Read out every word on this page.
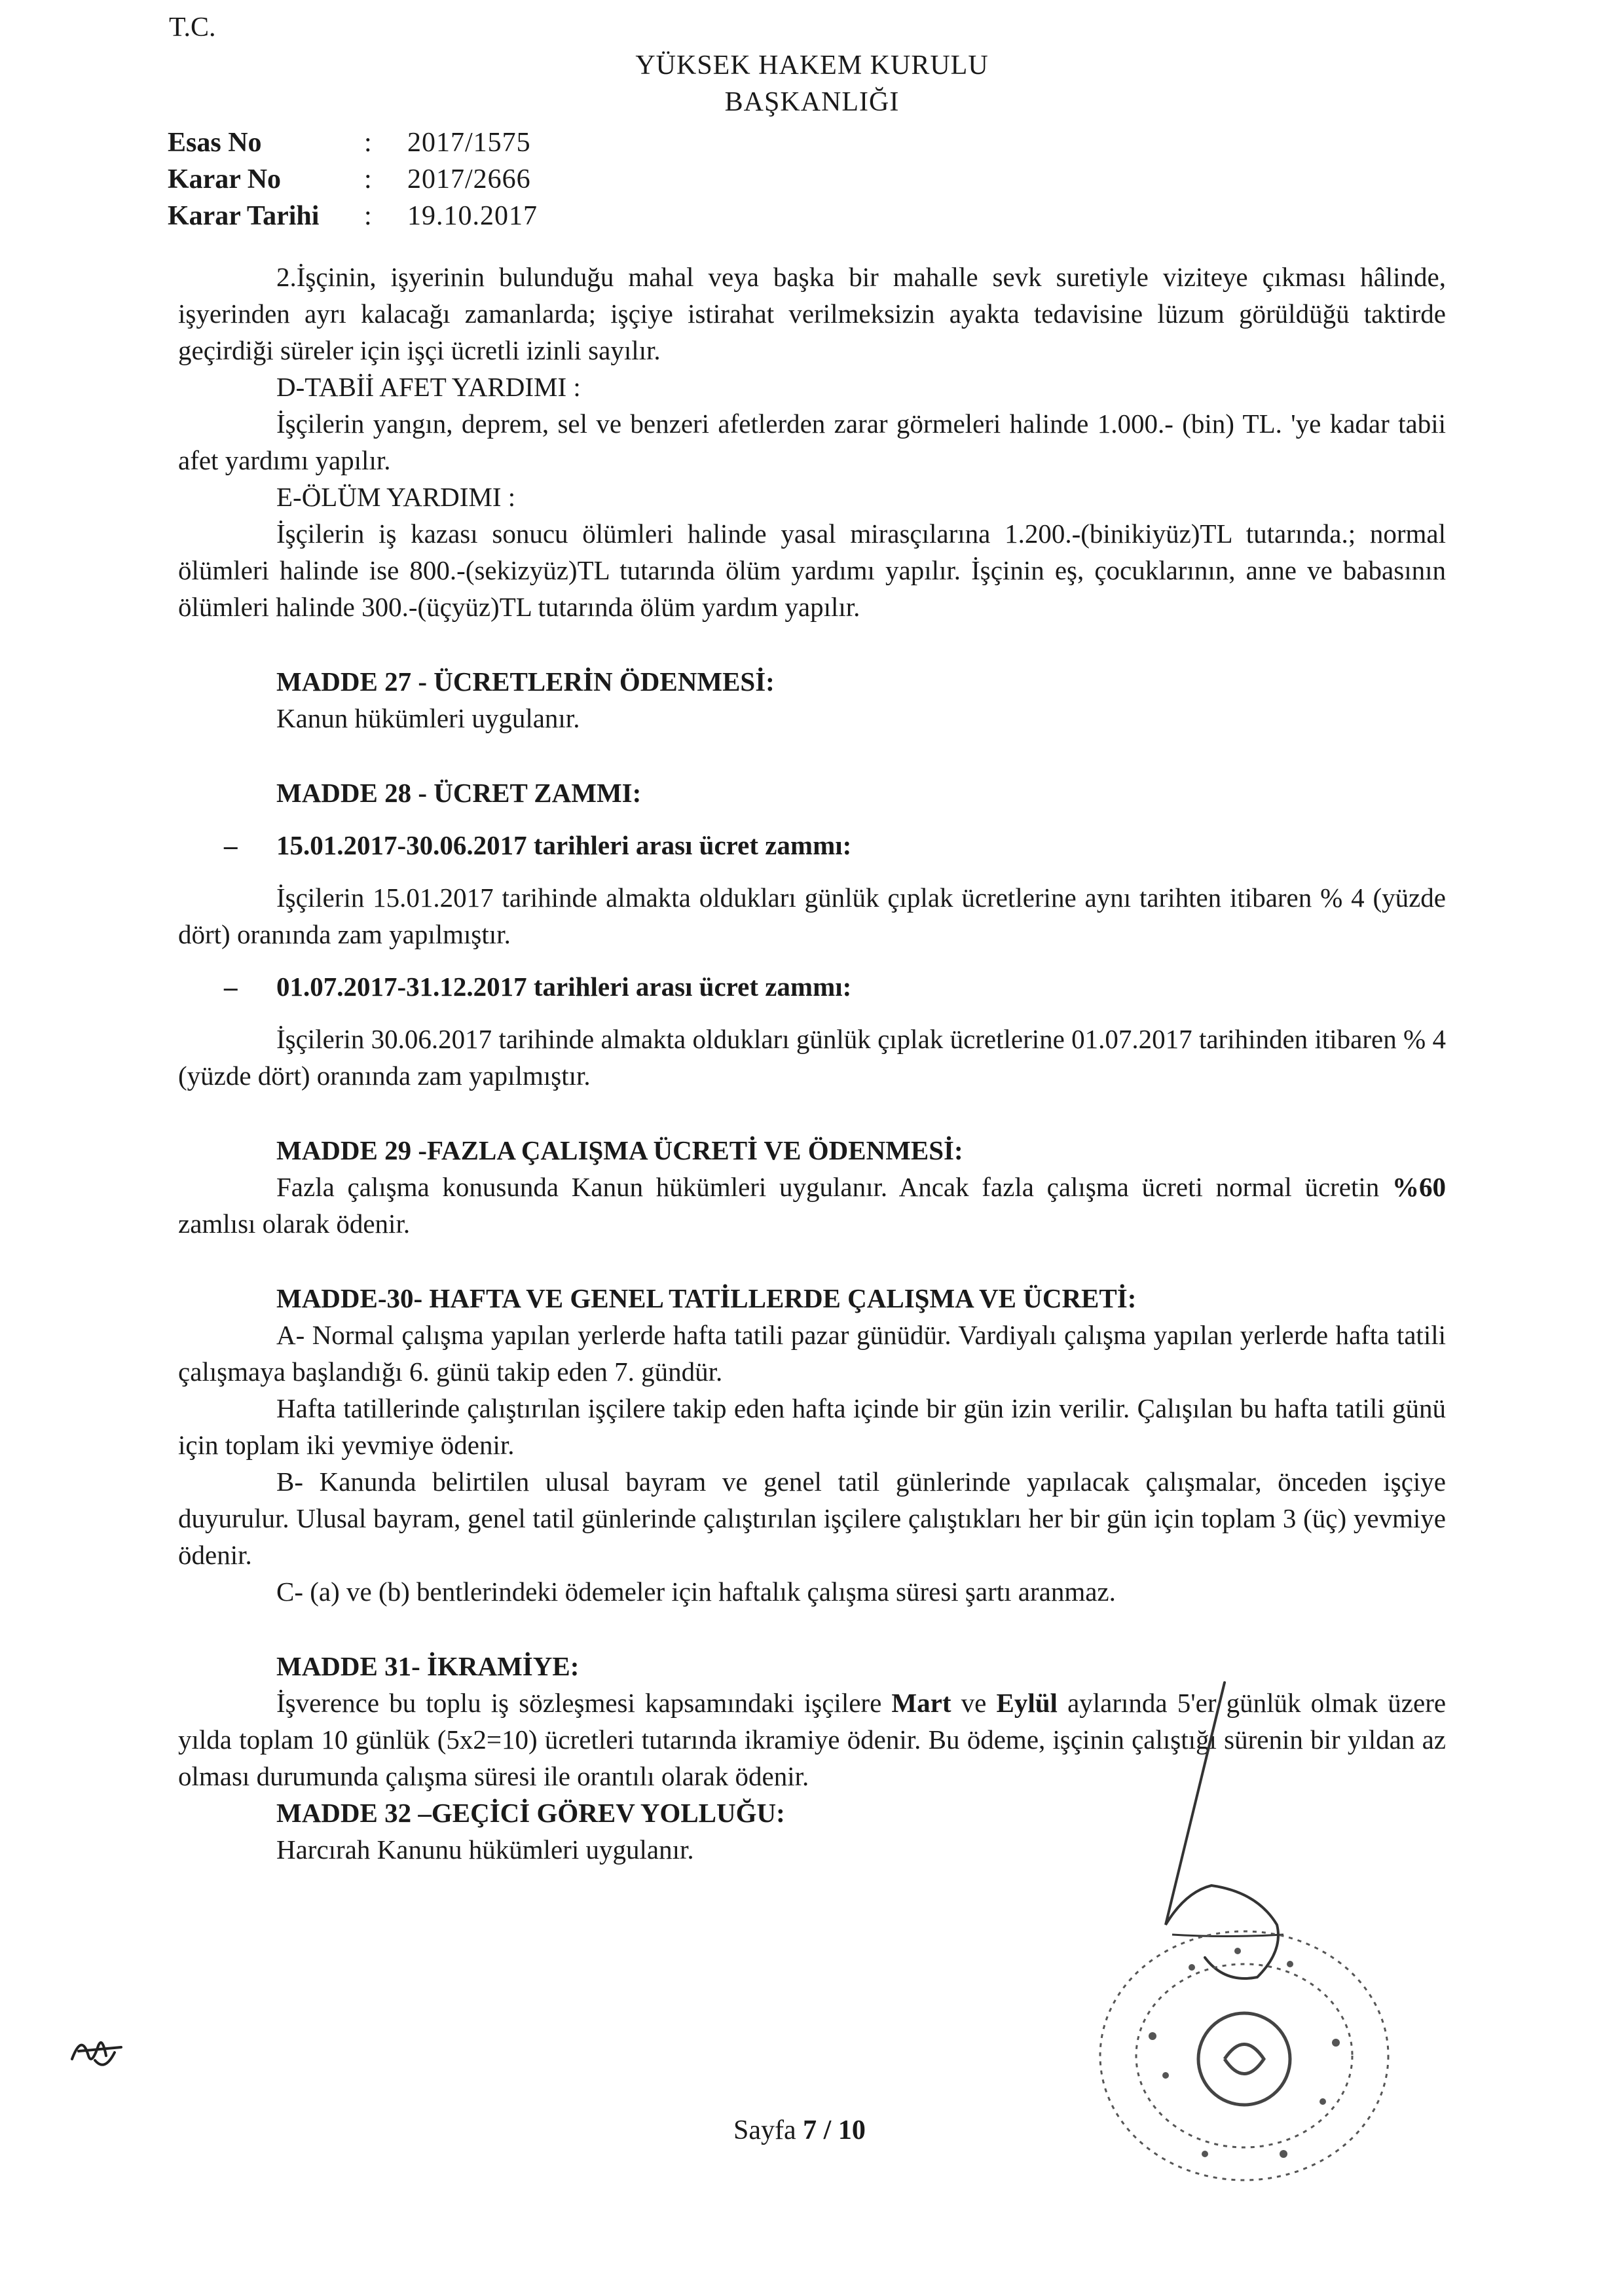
T.C.
YÜKSEK HAKEM KURULU
BAŞKANLIĞI
Esas No	:	2017/1575
Karar No	:	2017/2666
Karar Tarihi	:	19.10.2017

2.İşçinin, işyerinin bulunduğu mahal veya başka bir mahalle sevk suretiyle viziteye çıkması hâlinde, işyerinden ayrı kalacağı zamanlarda; işçiye istirahat verilmeksizin ayakta tedavisine lüzum görüldüğü taktirde geçirdiği süreler için işçi ücretli izinli sayılır.

D-TABİİ AFET YARDIMI :

İşçilerin yangın, deprem, sel ve benzeri afetlerden zarar görmeleri halinde 1.000.- (bin) TL. 'ye kadar tabii afet yardımı yapılır.

E-ÖLÜM YARDIMI :

İşçilerin iş kazası sonucu ölümleri halinde yasal mirasçılarına 1.200.-(binikiyüz)TL tutarında.; normal ölümleri halinde ise 800.-(sekizyüz)TL tutarında ölüm yardımı yapılır. İşçinin eş, çocuklarının, anne ve babasının ölümleri halinde 300.-(üçyüz)TL tutarında ölüm yardım yapılır.

MADDE 27 - ÜCRETLERİN ÖDENMESİ:

Kanun hükümleri uygulanır.

MADDE 28 - ÜCRET ZAMMI:

–	15.01.2017-30.06.2017 tarihleri arası ücret zammı:

İşçilerin 15.01.2017 tarihinde almakta oldukları günlük çıplak ücretlerine aynı tarihten itibaren % 4 (yüzde dört) oranında zam yapılmıştır.

–	01.07.2017-31.12.2017 tarihleri arası ücret zammı:

İşçilerin 30.06.2017 tarihinde almakta oldukları günlük çıplak ücretlerine 01.07.2017 tarihinden itibaren % 4 (yüzde dört) oranında zam yapılmıştır.

MADDE 29 -FAZLA ÇALIŞMA ÜCRETİ VE ÖDENMESİ:

Fazla çalışma konusunda Kanun hükümleri uygulanır. Ancak fazla çalışma ücreti normal ücretin %60 zamlısı olarak ödenir.

MADDE-30- HAFTA VE GENEL TATİLLERDE ÇALIŞMA VE ÜCRETİ:

A- Normal çalışma yapılan yerlerde hafta tatili pazar günüdür. Vardiyalı çalışma yapılan yerlerde hafta tatili çalışmaya başlandığı 6. günü takip eden 7. gündür.

Hafta tatillerinde çalıştırılan işçilere takip eden hafta içinde bir gün izin verilir. Çalışılan bu hafta tatili günü için toplam iki yevmiye ödenir.

B- Kanunda belirtilen ulusal bayram ve genel tatil günlerinde yapılacak çalışmalar, önceden işçiye duyurulur. Ulusal bayram, genel tatil günlerinde çalıştırılan işçilere çalıştıkları her bir gün için toplam 3 (üç) yevmiye ödenir.

C- (a) ve (b) bentlerindeki ödemeler için haftalık çalışma süresi şartı aranmaz.

MADDE 31- İKRAMİYE:

İşverence bu toplu iş sözleşmesi kapsamındaki işçilere Mart ve Eylül aylarında 5'er günlük olmak üzere yılda toplam 10 günlük (5x2=10) ücretleri tutarında ikramiye ödenir. Bu ödeme, işçinin çalıştığı sürenin bir yıldan az olması durumunda çalışma süresi ile orantılı olarak ödenir.

MADDE 32 –GEÇİCİ GÖREV YOLLUĞU:

Harcırah Kanunu hükümleri uygulanır.

Sayfa 7 / 10
